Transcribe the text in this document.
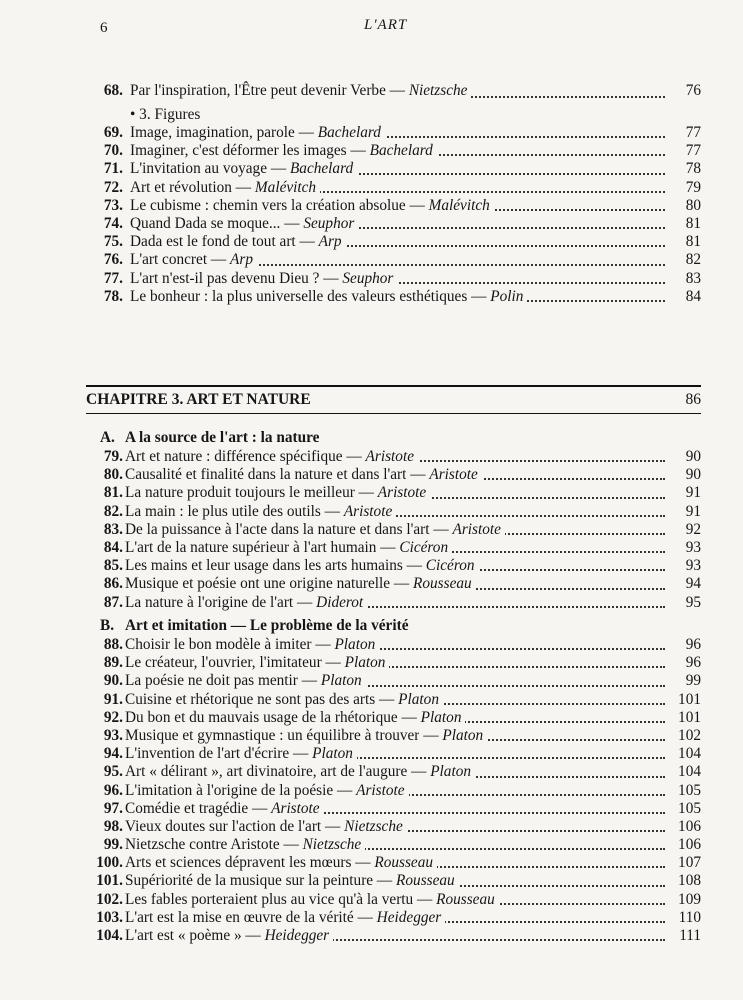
6	L'ART
68. Par l'inspiration, l'Être peut devenir Verbe — Nietzsche	76
• 3. Figures
69. Image, imagination, parole — Bachelard	77
70. Imaginer, c'est déformer les images — Bachelard	77
71. L'invitation au voyage — Bachelard	78
72. Art et révolution — Malévitch	79
73. Le cubisme : chemin vers la création absolue — Malévitch	80
74. Quand Dada se moque... — Seuphor	81
75. Dada est le fond de tout art — Arp	81
76. L'art concret — Arp	82
77. L'art n'est-il pas devenu Dieu ? — Seuphor	83
78. Le bonheur : la plus universelle des valeurs esthétiques — Polin	84
CHAPITRE 3. ART ET NATURE	86
A. A la source de l'art : la nature
79. Art et nature : différence spécifique — Aristote	90
80. Causalité et finalité dans la nature et dans l'art — Aristote	90
81. La nature produit toujours le meilleur — Aristote	91
82. La main : le plus utile des outils — Aristote	91
83. De la puissance à l'acte dans la nature et dans l'art — Aristote	92
84. L'art de la nature supérieur à l'art humain — Cicéron	93
85. Les mains et leur usage dans les arts humains — Cicéron	93
86. Musique et poésie ont une origine naturelle — Rousseau	94
87. La nature à l'origine de l'art — Diderot	95
B. Art et imitation — Le problème de la vérité
88. Choisir le bon modèle à imiter — Platon	96
89. Le créateur, l'ouvrier, l'imitateur — Platon	96
90. La poésie ne doit pas mentir — Platon	99
91. Cuisine et rhétorique ne sont pas des arts — Platon	101
92. Du bon et du mauvais usage de la rhétorique — Platon	101
93. Musique et gymnastique : un équilibre à trouver — Platon	102
94. L'invention de l'art d'écrire — Platon	104
95. Art « délirant », art divinatoire, art de l'augure — Platon	104
96. L'imitation à l'origine de la poésie — Aristote	105
97. Comédie et tragédie — Aristote	105
98. Vieux doutes sur l'action de l'art — Nietzsche	106
99. Nietzsche contre Aristote — Nietzsche	106
100. Arts et sciences dépravent les mœurs — Rousseau	107
101. Supériorité de la musique sur la peinture — Rousseau	108
102. Les fables porteraient plus au vice qu'à la vertu — Rousseau	109
103. L'art est la mise en œuvre de la vérité — Heidegger	110
104. L'art est « poème » — Heidegger	111
